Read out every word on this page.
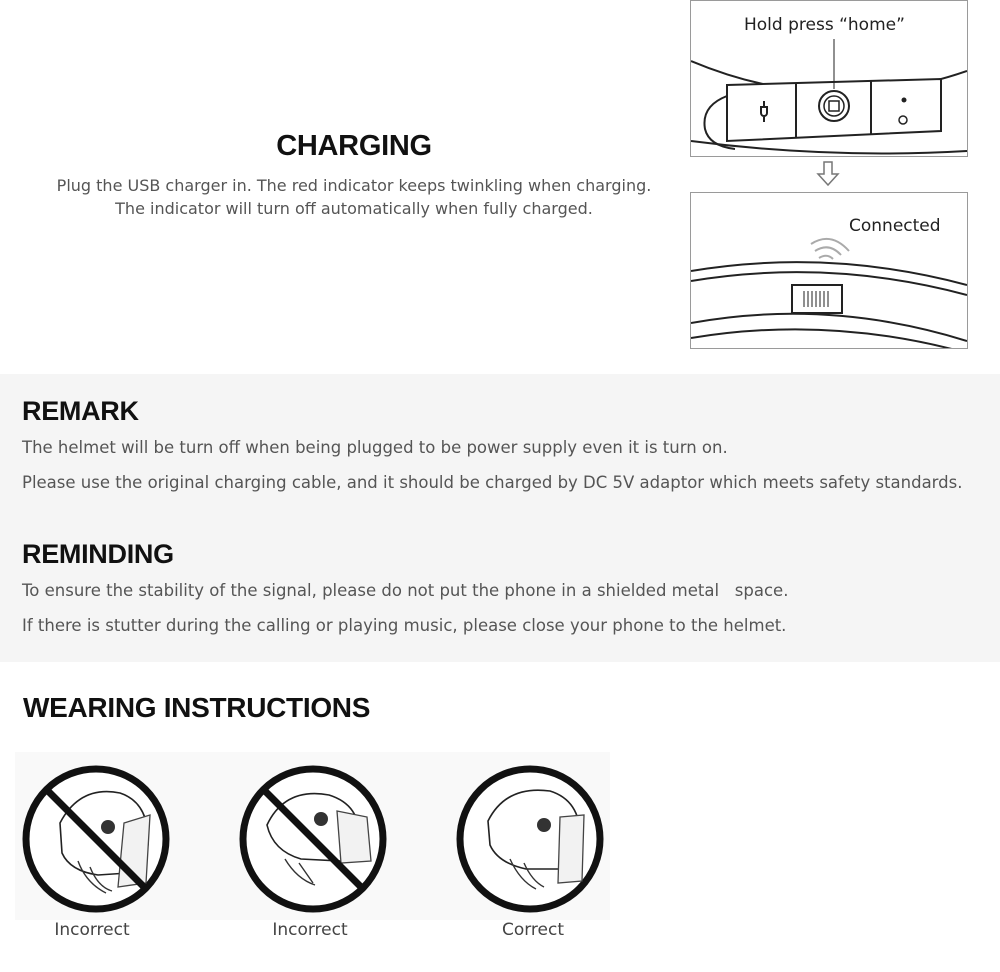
CHARGING
Plug the USB charger in. The red indicator keeps twinkling when charging.
The indicator will turn off automatically when fully charged.
Hold press “home”
Connected
REMARK
The helmet will be turn off when being plugged to be power supply even it is turn on.
Please use the original charging cable, and it should be charged by DC 5V adaptor which meets safety standards.
REMINDING
To ensure the stability of the signal, please do not put the phone in a shielded metal   space.
If there is stutter during the calling or playing music, please close your phone to the helmet.
WEARING INSTRUCTIONS
Incorrect	Incorrect	Correct
